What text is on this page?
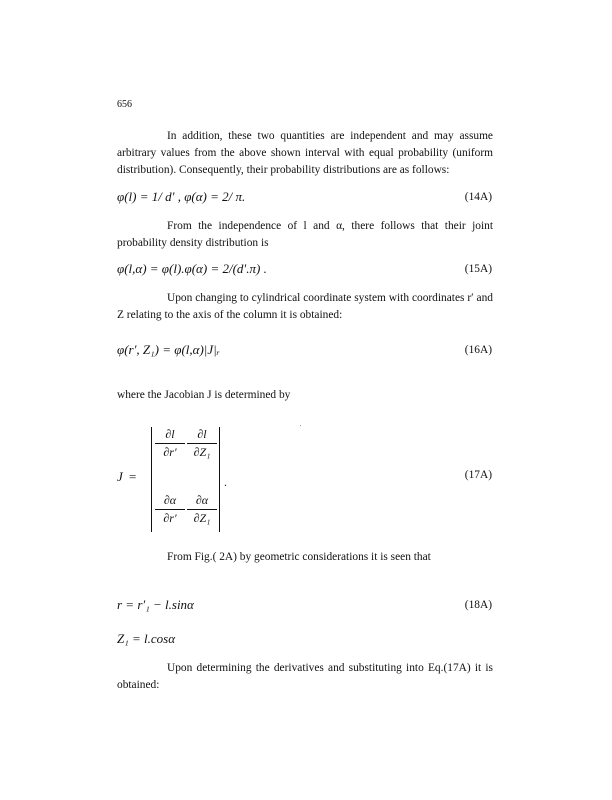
656
In addition, these two quantities are independent and may assume arbitrary values from the above shown interval with equal probability (uniform distribution). Consequently, their probability distributions are as follows:
φ(l) = 1/ d′ , φ(α) = 2/ π.	(14A)
From the independence of l and α, there follows that their joint probability density distribution is
φ(l,α) = φ(l).φ(α) = 2/(d′.π) .	(15A)
Upon changing to cylindrical coordinate system with coordinates r′ and Z relating to the axis of the column it is obtained:
φ(r′, Z₁) = φ(l,α)|J|ᵣ	(16A)
where the Jacobian J is determined by
J =
$\frac{\partial l}{\partial r'} \frac{\partial l}{\text{∂Z₁}}$
$\frac{\partial\alpha}{\partial r'} \frac{\partial\alpha}{\text{∂Z₁}}$
.	(17A)
From Fig.( 2A) by geometric considerations it is seen that
r = r′₁ − l.sinα	(18A)
Z₁ = l.cosα
Upon determining the derivatives and substituting into Eq.(17A) it is obtained:
